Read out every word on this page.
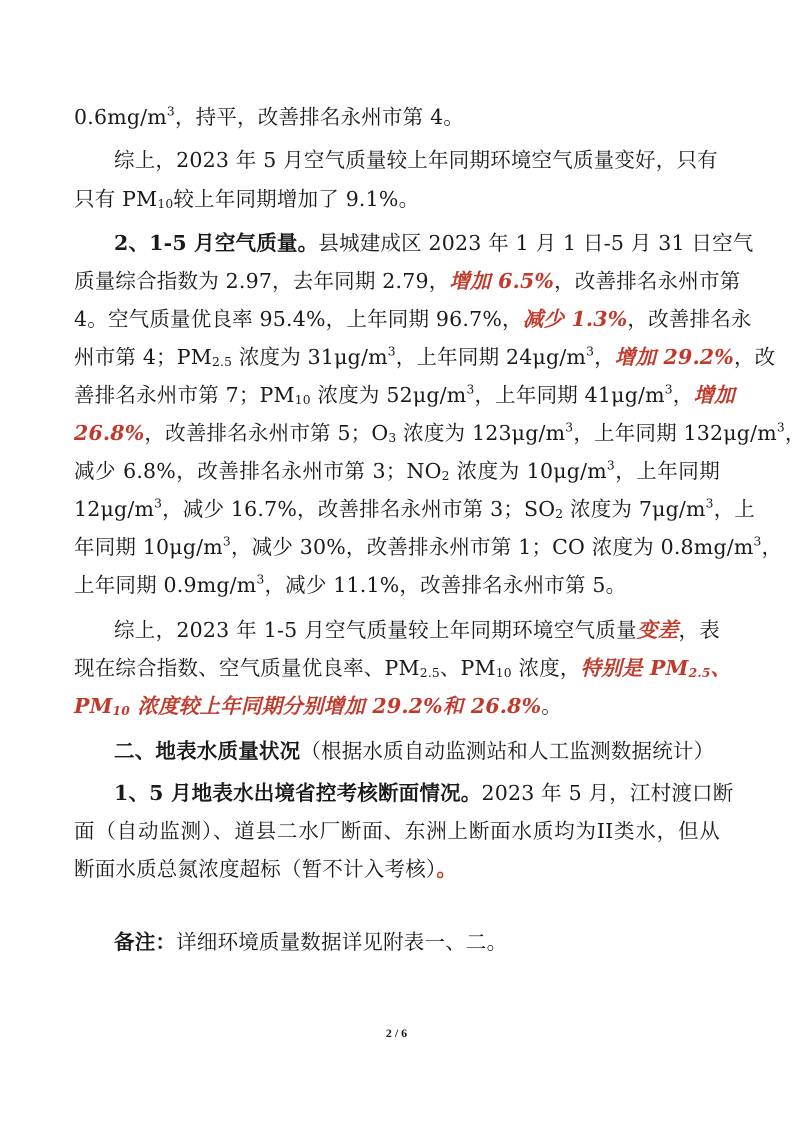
$0.6mg/m^3$，持平，改善排名永州市第 4。
综上，2023 年 5 月空气质量较上年同期环境空气质量变好，只有
只有 $PM_{10}$较上年同期增加了 9.1%。
2、1-5 月空气质量。县城建成区 2023 年 1 月 1 日-5 月 31 日空气
质量综合指数为 2.97，去年同期 2.79，增加 6.5%，改善排名永州市第
4。空气质量优良率 95.4%，上年同期 96.7%，减少 1.3%，改善排名永
州市第 4；$PM_{2.5}$ 浓度为 $31\mu g/m^3$，上年同期 $24\mu g/m^3$，增加 29.2%，改
善排名永州市第 7；$PM_{10}$ 浓度为 $52\mu g/m^3$，上年同期 $41\mu g/m^3$，增加
26.8%，改善排名永州市第 5；$O_3$ 浓度为 $123\mu g/m^3$，上年同期 $132\mu g/m^3$，
减少 6.8%，改善排名永州市第 3；$NO_2$ 浓度为 $10\mu g/m^3$，上年同期
$12\mu g/m^3$，减少 16.7%，改善排名永州市第 3；$SO_2$ 浓度为 $7\mu g/m^3$，上
年同期 $10\mu g/m^3$，减少 30%，改善排永州市第 1；CO 浓度为 $0.8mg/m^3$，
上年同期 $0.9mg/m^3$，减少 11.1%，改善排名永州市第 5。
综上，2023 年 1-5 月空气质量较上年同期环境空气质量变差，表
现在综合指数、空气质量优良率、$PM_{2.5}$、$PM_{10}$ 浓度，特别是 $PM_{2.5}$、
$PM_{10}$ 浓度较上年同期分别增加 29.2%和 26.8%。
二、地表水质量状况（根据水质自动监测站和人工监测数据统计）
1、5 月地表水出境省控考核断面情况。2023 年 5 月，江村渡口断
面（自动监测）、道县二水厂断面、东洲上断面水质均为II类水，但从
断面水质总氮浓度超标（暂不计入考核）。
备注：详细环境质量数据详见附表一、二。
2 / 6
